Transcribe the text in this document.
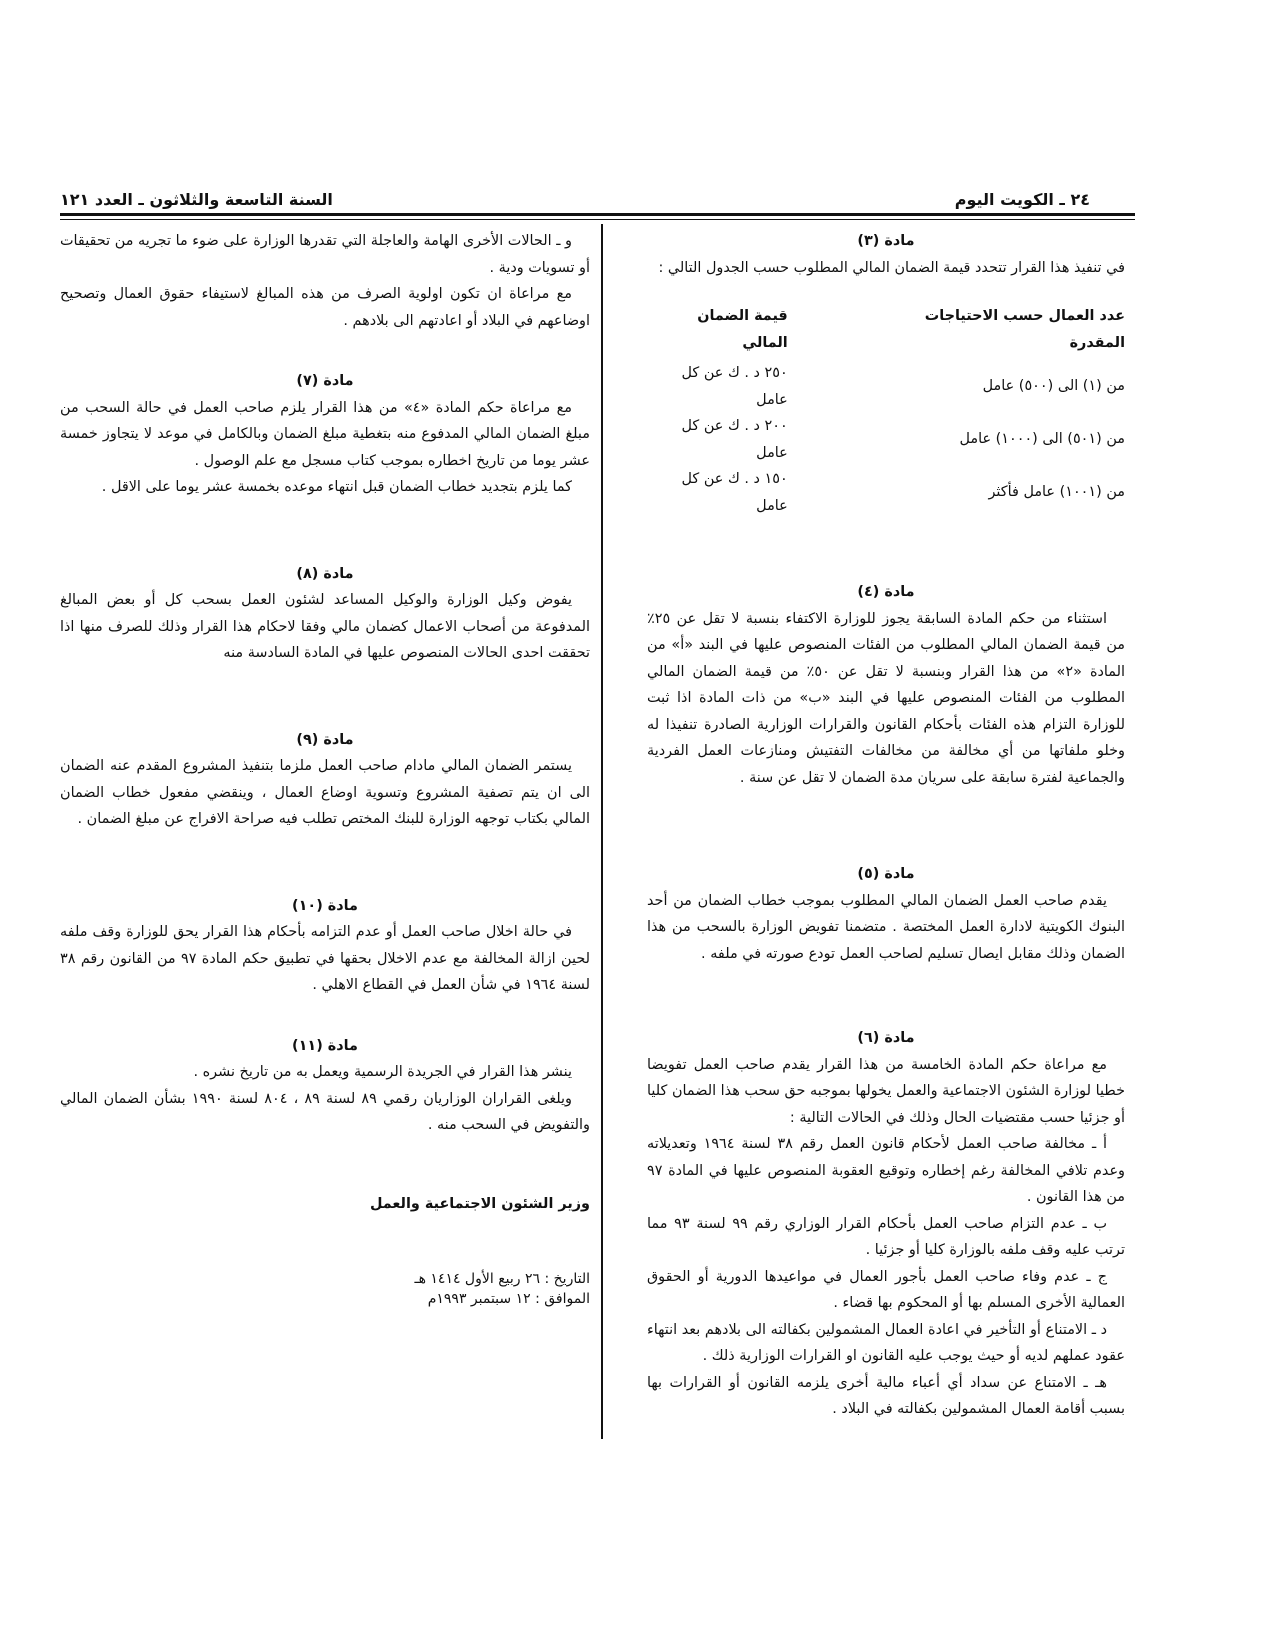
٢٤ ـ الكويت اليوم
السنة التاسعة والثلاثون ـ العدد ١٢١
مادة (٣)

في تنفيذ هذا القرار تتحدد قيمة الضمان المالي المطلوب حسب الجدول التالي :

عدد العمال حسب الاحتياجات المقدرة	قيمة الضمان المالي
من (١) الى (٥٠٠) عامل	٢٥٠ د . ك عن كل عامل
من (٥٠١) الى (١٠٠٠) عامل	٢٠٠ د . ك عن كل عامل
من (١٠٠١) عامل فأكثر	١٥٠ د . ك عن كل عامل
مادة (٤)

استثناء من حكم المادة السابقة يجوز للوزارة الاكتفاء بنسبة لا تقل عن ٢٥٪ من قيمة الضمان المالي المطلوب من الفئات المنصوص عليها في البند «أ» من المادة «٢» من هذا القرار وبنسبة لا تقل عن ٥٠٪ من قيمة الضمان المالي المطلوب من الفئات المنصوص عليها في البند «ب» من ذات المادة اذا ثبت للوزارة التزام هذه الفئات بأحكام القانون والقرارات الوزارية الصادرة تنفيذا له وخلو ملفاتها من أي مخالفة من مخالفات التفتيش ومنازعات العمل الفردية والجماعية لفترة سابقة على سريان مدة الضمان لا تقل عن سنة .

مادة (٥)

يقدم صاحب العمل الضمان المالي المطلوب بموجب خطاب الضمان من أحد البنوك الكويتية لادارة العمل المختصة . متضمنا تفويض الوزارة بالسحب من هذا الضمان وذلك مقابل ايصال تسليم لصاحب العمل تودع صورته في ملفه .

مادة (٦)

مع مراعاة حكم المادة الخامسة من هذا القرار يقدم صاحب العمل تفويضا خطيا لوزارة الشئون الاجتماعية والعمل يخولها بموجبه حق سحب هذا الضمان كليا أو جزئيا حسب مقتضيات الحال وذلك في الحالات التالية :

أ ـ مخالفة صاحب العمل لأحكام قانون العمل رقم ٣٨ لسنة ١٩٦٤ وتعديلاته وعدم تلافي المخالفة رغم إخطاره وتوقيع العقوبة المنصوص عليها في المادة ٩٧ من هذا القانون .

ب ـ عدم التزام صاحب العمل بأحكام القرار الوزاري رقم ٩٩ لسنة ٩٣ مما ترتب عليه وقف ملفه بالوزارة كليا أو جزئيا .

ج ـ عدم وفاء صاحب العمل بأجور العمال في مواعيدها الدورية أو الحقوق العمالية الأخرى المسلم بها أو المحكوم بها قضاء .

د ـ الامتناع أو التأخير في اعادة العمال المشمولين بكفالته الى بلادهم بعد انتهاء عقود عملهم لديه أو حيث يوجب عليه القانون او القرارات الوزارية ذلك .

هـ ـ الامتناع عن سداد أي أعباء مالية أخرى يلزمه القانون أو القرارات بها بسبب أقامة العمال المشمولين بكفالته في البلاد .

و ـ الحالات الأخرى الهامة والعاجلة التي تقدرها الوزارة على ضوء ما تجريه من تحقيقات أو تسويات ودية .

مع مراعاة ان تكون اولوية الصرف من هذه المبالغ لاستيفاء حقوق العمال وتصحيح اوضاعهم في البلاد أو اعادتهم الى بلادهم .

مادة (٧)

مع مراعاة حكم المادة «٤» من هذا القرار يلزم صاحب العمل في حالة السحب من مبلغ الضمان المالي المدفوع منه بتغطية مبلغ الضمان وبالكامل في موعد لا يتجاوز خمسة عشر يوما من تاريخ اخطاره بموجب كتاب مسجل مع علم الوصول .

كما يلزم بتجديد خطاب الضمان قبل انتهاء موعده بخمسة عشر يوما على الاقل .

مادة (٨)

يفوض وكيل الوزارة والوكيل المساعد لشئون العمل بسحب كل أو بعض المبالغ المدفوعة من أصحاب الاعمال كضمان مالي وفقا لاحكام هذا القرار وذلك للصرف منها اذا تحققت احدى الحالات المنصوص عليها في المادة السادسة منه

مادة (٩)

يستمر الضمان المالي مادام صاحب العمل ملزما بتنفيذ المشروع المقدم عنه الضمان الى ان يتم تصفية المشروع وتسوية اوضاع العمال ، وينقضي مفعول خطاب الضمان المالي بكتاب توجهه الوزارة للبنك المختص تطلب فيه صراحة الافراج عن مبلغ الضمان .

مادة (١٠)

في حالة اخلال صاحب العمل أو عدم التزامه بأحكام هذا القرار يحق للوزارة وقف ملفه لحين ازالة المخالفة مع عدم الاخلال بحقها في تطبيق حكم المادة ٩٧ من القانون رقم ٣٨ لسنة ١٩٦٤ في شأن العمل في القطاع الاهلي .

مادة (١١)

ينشر هذا القرار في الجريدة الرسمية ويعمل به من تاريخ نشره .

ويلغى القراران الوزاريان رقمي ٨٩ لسنة ٨٩ ، ٨٠٤ لسنة ١٩٩٠ بشأن الضمان المالي والتفويض في السحب منه .

وزير الشئون الاجتماعية والعمل
التاريخ : ٢٦ ربيع الأول ١٤١٤ هـ
الموافق : ١٢ سبتمبر ١٩٩٣م
